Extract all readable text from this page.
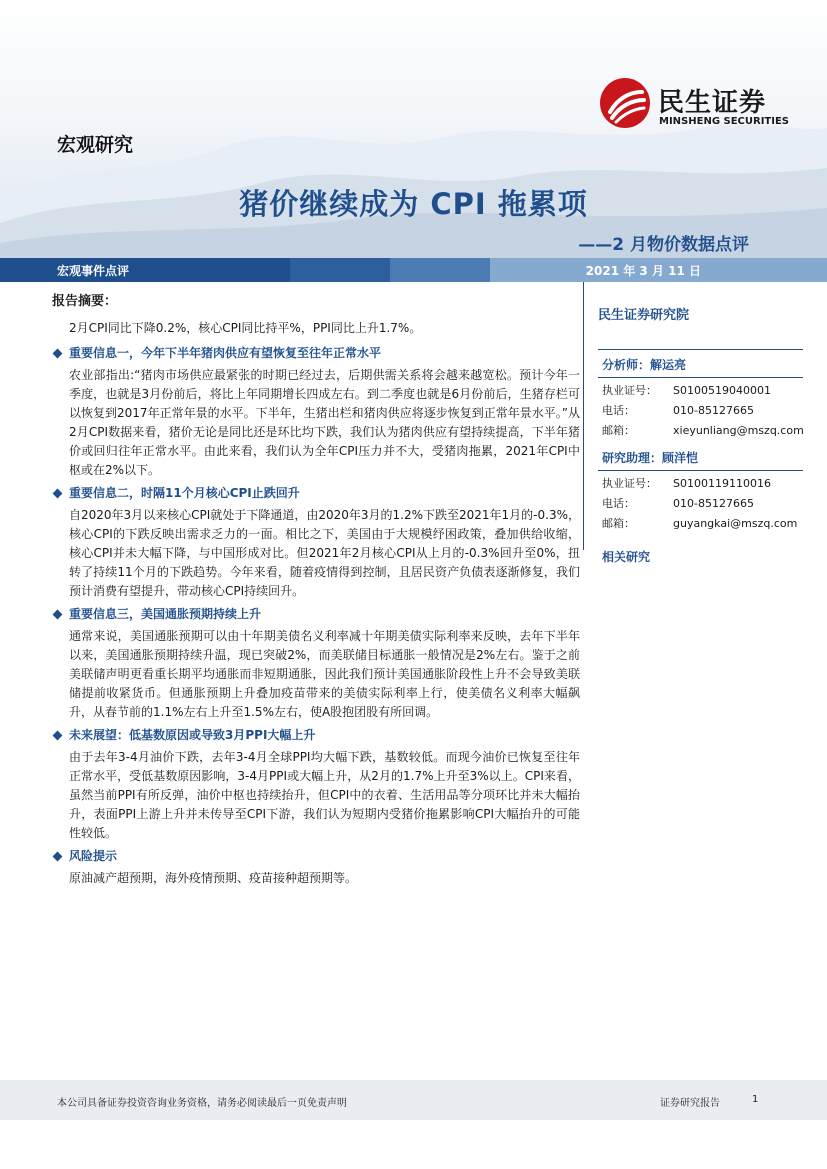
民生证券
MINSHENG SECURITIES
宏观研究
猪价继续成为 CPI 拖累项
——2 月物价数据点评
宏观事件点评	2021 年 3 月 11 日
报告摘要：
2月CPI同比下降0.2%，核心CPI同比持平%，PPI同比上升1.7%。
重要信息一，今年下半年猪肉供应有望恢复至往年正常水平
农业部指出:“猪肉市场供应最紧张的时期已经过去，后期供需关系将会越来越宽松。预计今年一季度，也就是3月份前后，将比上年同期增长四成左右。到二季度也就是6月份前后，生猪存栏可以恢复到2017年正常年景的水平。下半年，生猪出栏和猪肉供应将逐步恢复到正常年景水平。”从2月CPI数据来看，猪价无论是同比还是环比均下跌，我们认为猪肉供应有望持续提高，下半年猪价或回归往年正常水平。由此来看，我们认为全年CPI压力并不大，受猪肉拖累，2021年CPI中枢或在2%以下。
重要信息二，时隔11个月核心CPI止跌回升
自2020年3月以来核心CPI就处于下降通道，由2020年3月的1.2%下跌至2021年1月的-0.3%，核心CPI的下跌反映出需求乏力的一面。相比之下，美国由于大规模纾困政策，叠加供给收缩，核心CPI并未大幅下降，与中国形成对比。但2021年2月核心CPI从上月的-0.3%回升至0%，扭转了持续11个月的下跌趋势。今年来看，随着疫情得到控制，且居民资产负债表逐渐修复，我们预计消费有望提升，带动核心CPI持续回升。
重要信息三，美国通胀预期持续上升
通常来说，美国通胀预期可以由十年期美债名义利率减十年期美债实际利率来反映，去年下半年以来，美国通胀预期持续升温，现已突破2%，而美联储目标通胀一般情况是2%左右。鉴于之前美联储声明更看重长期平均通胀而非短期通胀，因此我们预计美国通胀阶段性上升不会导致美联储提前收紧货币。但通胀预期上升叠加疫苗带来的美债实际利率上行，使美债名义利率大幅飙升，从春节前的1.1%左右上升至1.5%左右，使A股抱团股有所回调。
未来展望：低基数原因或导致3月PPI大幅上升
由于去年3-4月油价下跌，去年3-4月全球PPI均大幅下跌，基数较低。而现今油价已恢复至往年正常水平，受低基数原因影响，3-4月PPI或大幅上升，从2月的1.7%上升至3%以上。CPI来看，虽然当前PPI有所反弹，油价中枢也持续抬升，但CPI中的衣着、生活用品等分项环比并未大幅抬升，表面PPI上游上升并未传导至CPI下游，我们认为短期内受猪价拖累影响CPI大幅抬升的可能性较低。
风险提示
原油减产超预期，海外疫情预期、疫苗接种超预期等。
民生证券研究院
分析师：解运亮
执业证号：	S0100519040001
电话：	010-85127665
邮箱：	xieyunliang@mszq.com
研究助理：顾洋恺
执业证号：	S0100119110016
电话：	010-85127665
邮箱：	guyangkai@mszq.com
相关研究
本公司具备证券投资咨询业务资格，请务必阅读最后一页免责声明	证券研究报告	1
